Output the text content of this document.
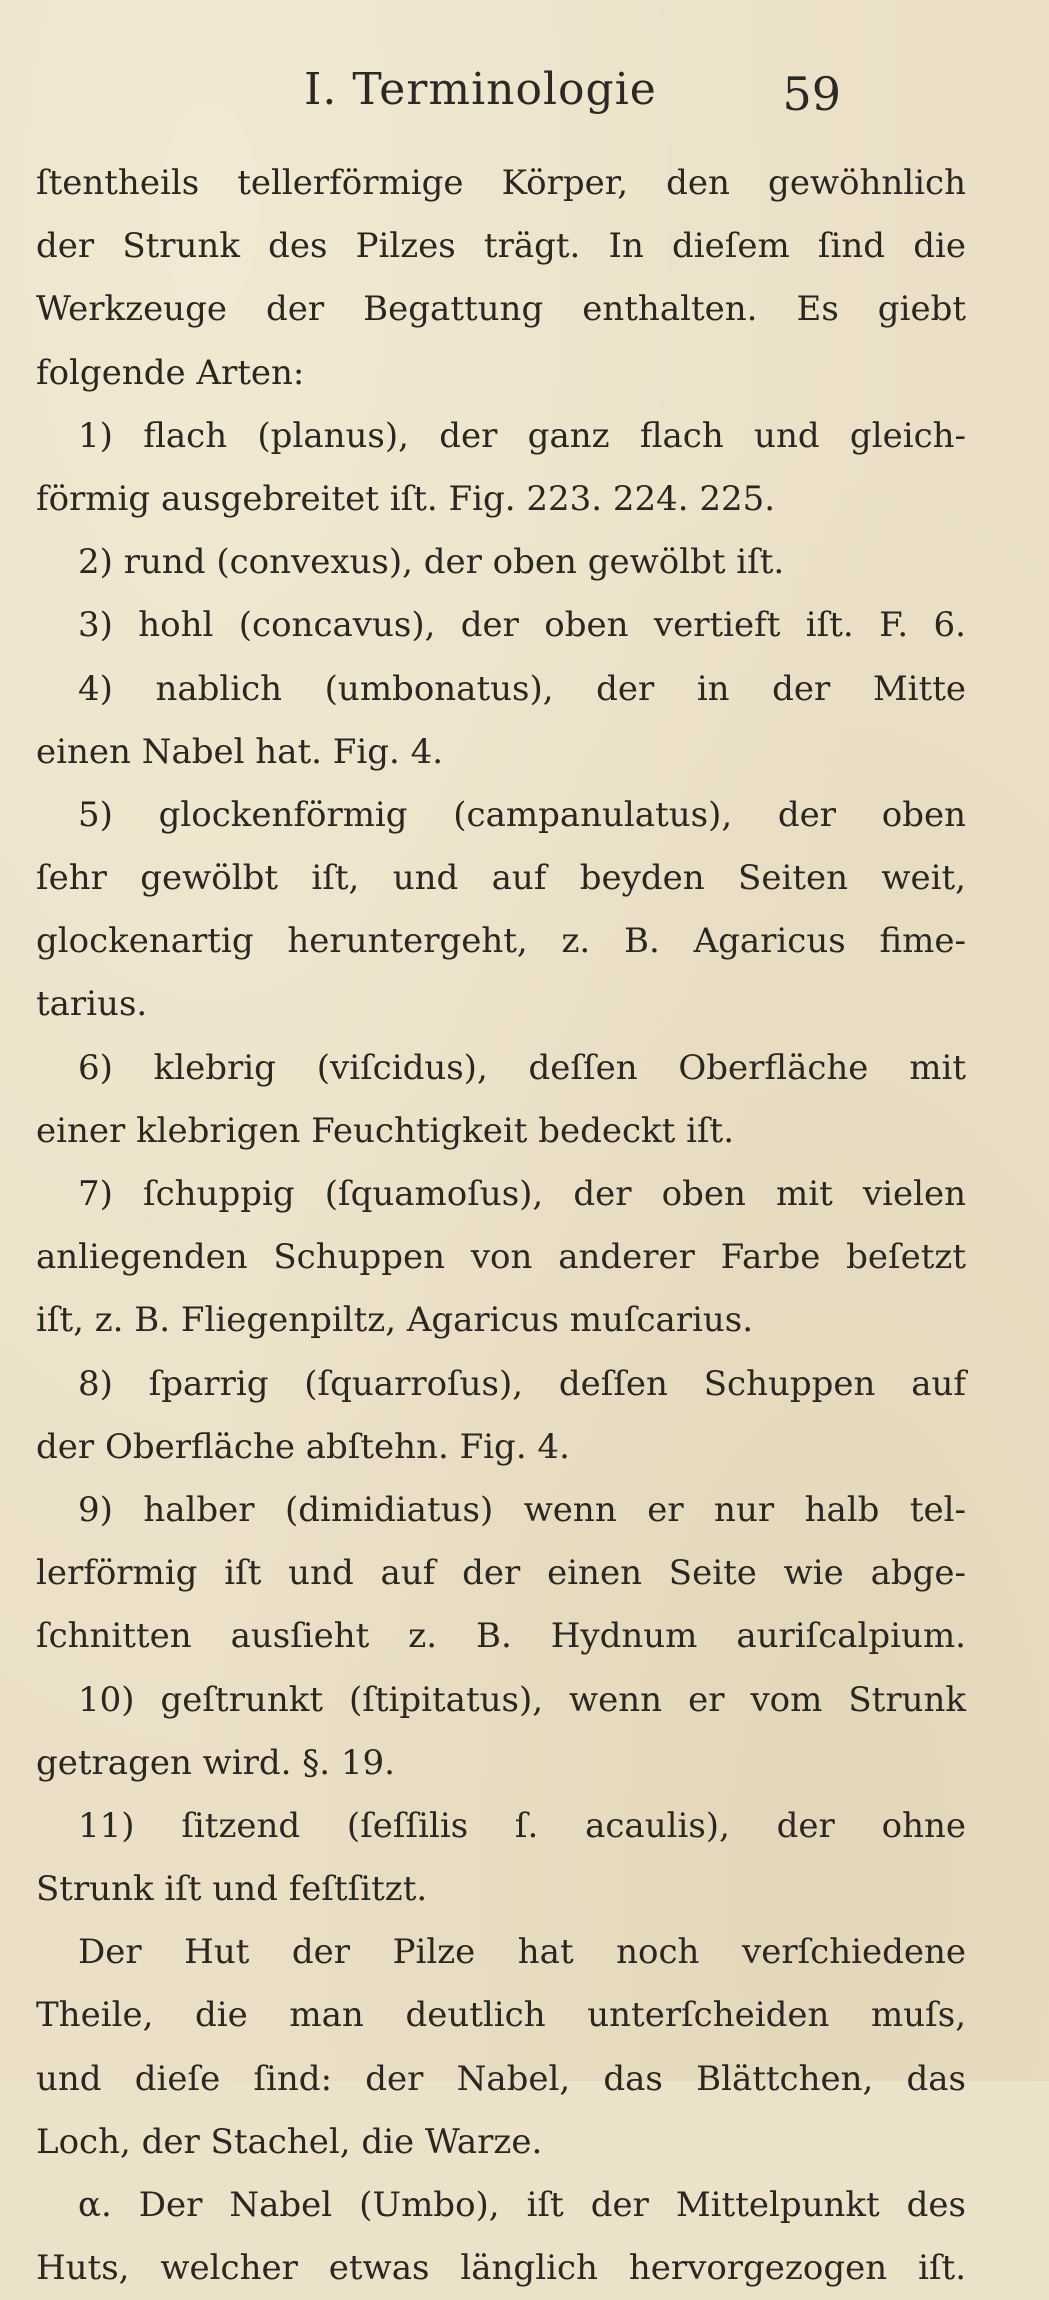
I. Terminologie	59
ſtentheils tellerförmige Körper, den gewöhnlich
der Strunk des Pilzes trägt. In dieſem ſind die
Werkzeuge der Begattung enthalten. Es giebt
folgende Arten:
1) flach (planus), der ganz flach und gleich-
förmig ausgebreitet iſt. Fig. 223. 224. 225.
2) rund (convexus), der oben gewölbt iſt.
3) hohl (concavus), der oben vertieft iſt. F. 6.
4) nablich (umbonatus), der in der Mitte
einen Nabel hat. Fig. 4.
5) glockenförmig (campanulatus), der oben
ſehr gewölbt iſt, und auf beyden Seiten weit,
glockenartig heruntergeht, z. B. Agaricus fime-
tarius.
6) klebrig (viſcidus), deſſen Oberfläche mit
einer klebrigen Feuchtigkeit bedeckt iſt.
7) ſchuppig (ſquamoſus), der oben mit vielen
anliegenden Schuppen von anderer Farbe beſetzt
iſt, z. B. Fliegenpiltz, Agaricus muſcarius.
8) ſparrig (ſquarroſus), deſſen Schuppen auf
der Oberfläche abſtehn. Fig. 4.
9) halber (dimidiatus) wenn er nur halb tel-
lerförmig iſt und auf der einen Seite wie abge-
ſchnitten ausſieht z. B. Hydnum auriſcalpium.
10) geſtrunkt (ſtipitatus), wenn er vom Strunk
getragen wird. §. 19.
11) ſitzend (ſeſſilis ſ. acaulis), der ohne
Strunk iſt und feſtſitzt.
Der Hut der Pilze hat noch verſchiedene
Theile, die man deutlich unterſcheiden muſs,
und dieſe ſind: der Nabel, das Blättchen, das
Loch, der Stachel, die Warze.
α. Der Nabel (Umbo), iſt der Mittelpunkt des
Huts, welcher etwas länglich hervorgezogen iſt.
